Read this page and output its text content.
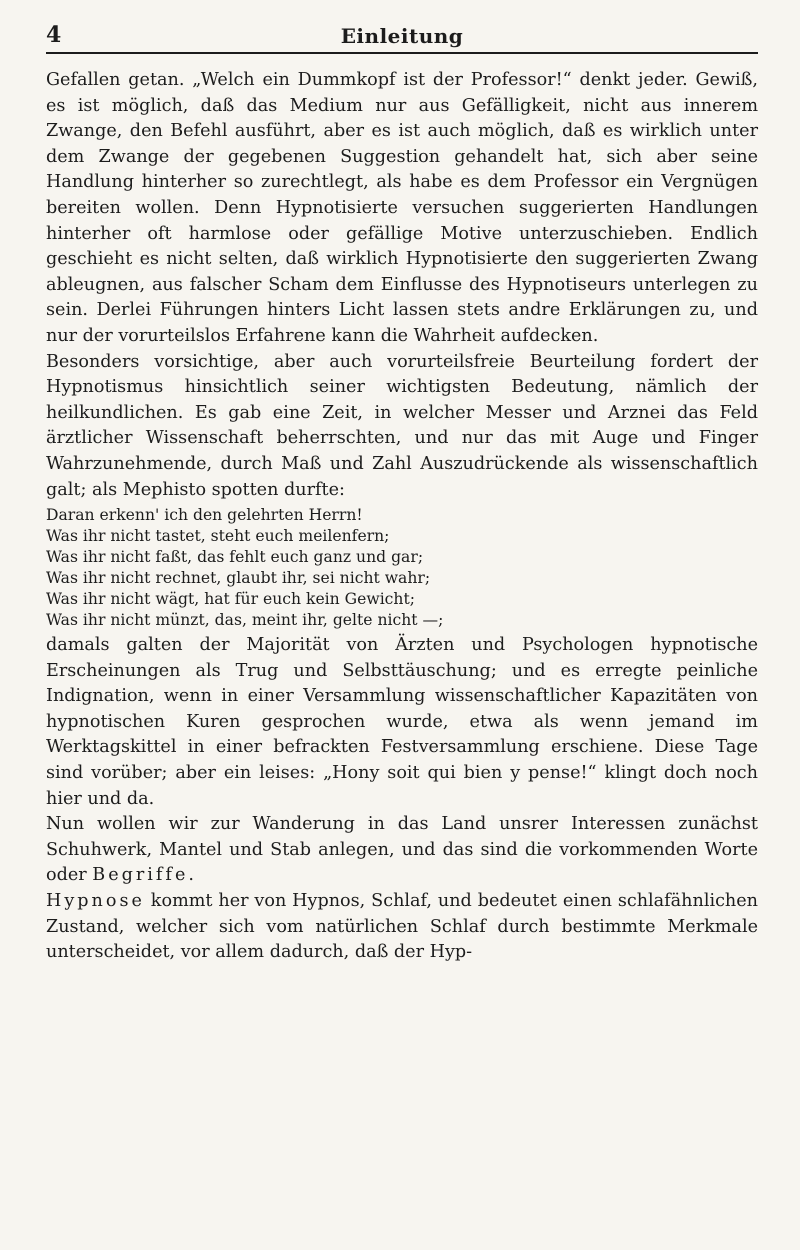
4	Einleitung

Gefallen getan. „Welch ein Dummkopf ist der Professor!“ denkt jeder. Gewiß, es ist möglich, daß das Medium nur aus Gefälligkeit, nicht aus innerem Zwange, den Befehl ausführt, aber es ist auch möglich, daß es wirklich unter dem Zwange der gegebenen Suggestion gehandelt hat, sich aber seine Handlung hinterher so zurechtlegt, als habe es dem Professor ein Vergnügen bereiten wollen. Denn Hypnotisierte versuchen suggerierten Handlungen hinterher oft harmlose oder gefällige Motive unterzuschieben. Endlich geschieht es nicht selten, daß wirklich Hypnotisierte den suggerierten Zwang ableugnen, aus falscher Scham dem Einflusse des Hypnotiseurs unterlegen zu sein. Derlei Führungen hinters Licht lassen stets andre Erklärungen zu, und nur der vorurteilslos Erfahrene kann die Wahrheit aufdecken.

Besonders vorsichtige, aber auch vorurteilsfreie Beurteilung fordert der Hypnotismus hinsichtlich seiner wichtigsten Bedeutung, nämlich der heilkundlichen. Es gab eine Zeit, in welcher Messer und Arznei das Feld ärztlicher Wissenschaft beherrschten, und nur das mit Auge und Finger Wahrzunehmende, durch Maß und Zahl Auszudrückende als wissenschaftlich galt; als Mephisto spotten durfte:

Daran erkenn' ich den gelehrten Herrn!
Was ihr nicht tastet, steht euch meilenfern;
Was ihr nicht faßt, das fehlt euch ganz und gar;
Was ihr nicht rechnet, glaubt ihr, sei nicht wahr;
Was ihr nicht wägt, hat für euch kein Gewicht;
Was ihr nicht münzt, das, meint ihr, gelte nicht —;

damals galten der Majorität von Ärzten und Psychologen hypnotische Erscheinungen als Trug und Selbsttäuschung; und es erregte peinliche Indignation, wenn in einer Versammlung wissenschaftlicher Kapazitäten von hypnotischen Kuren gesprochen wurde, etwa als wenn jemand im Werktagskittel in einer befrackten Festversammlung erschiene. Diese Tage sind vorüber; aber ein leises: „Hony soit qui bien y pense!“ klingt doch noch hier und da.

Nun wollen wir zur Wanderung in das Land unsrer Interessen zunächst Schuhwerk, Mantel und Stab anlegen, und das sind die vorkommenden Worte oder Begriffe.

Hypnose kommt her von Hypnos, Schlaf, und bedeutet einen schlafähnlichen Zustand, welcher sich vom natürlichen Schlaf durch bestimmte Merkmale unterscheidet, vor allem dadurch, daß der Hyp-
